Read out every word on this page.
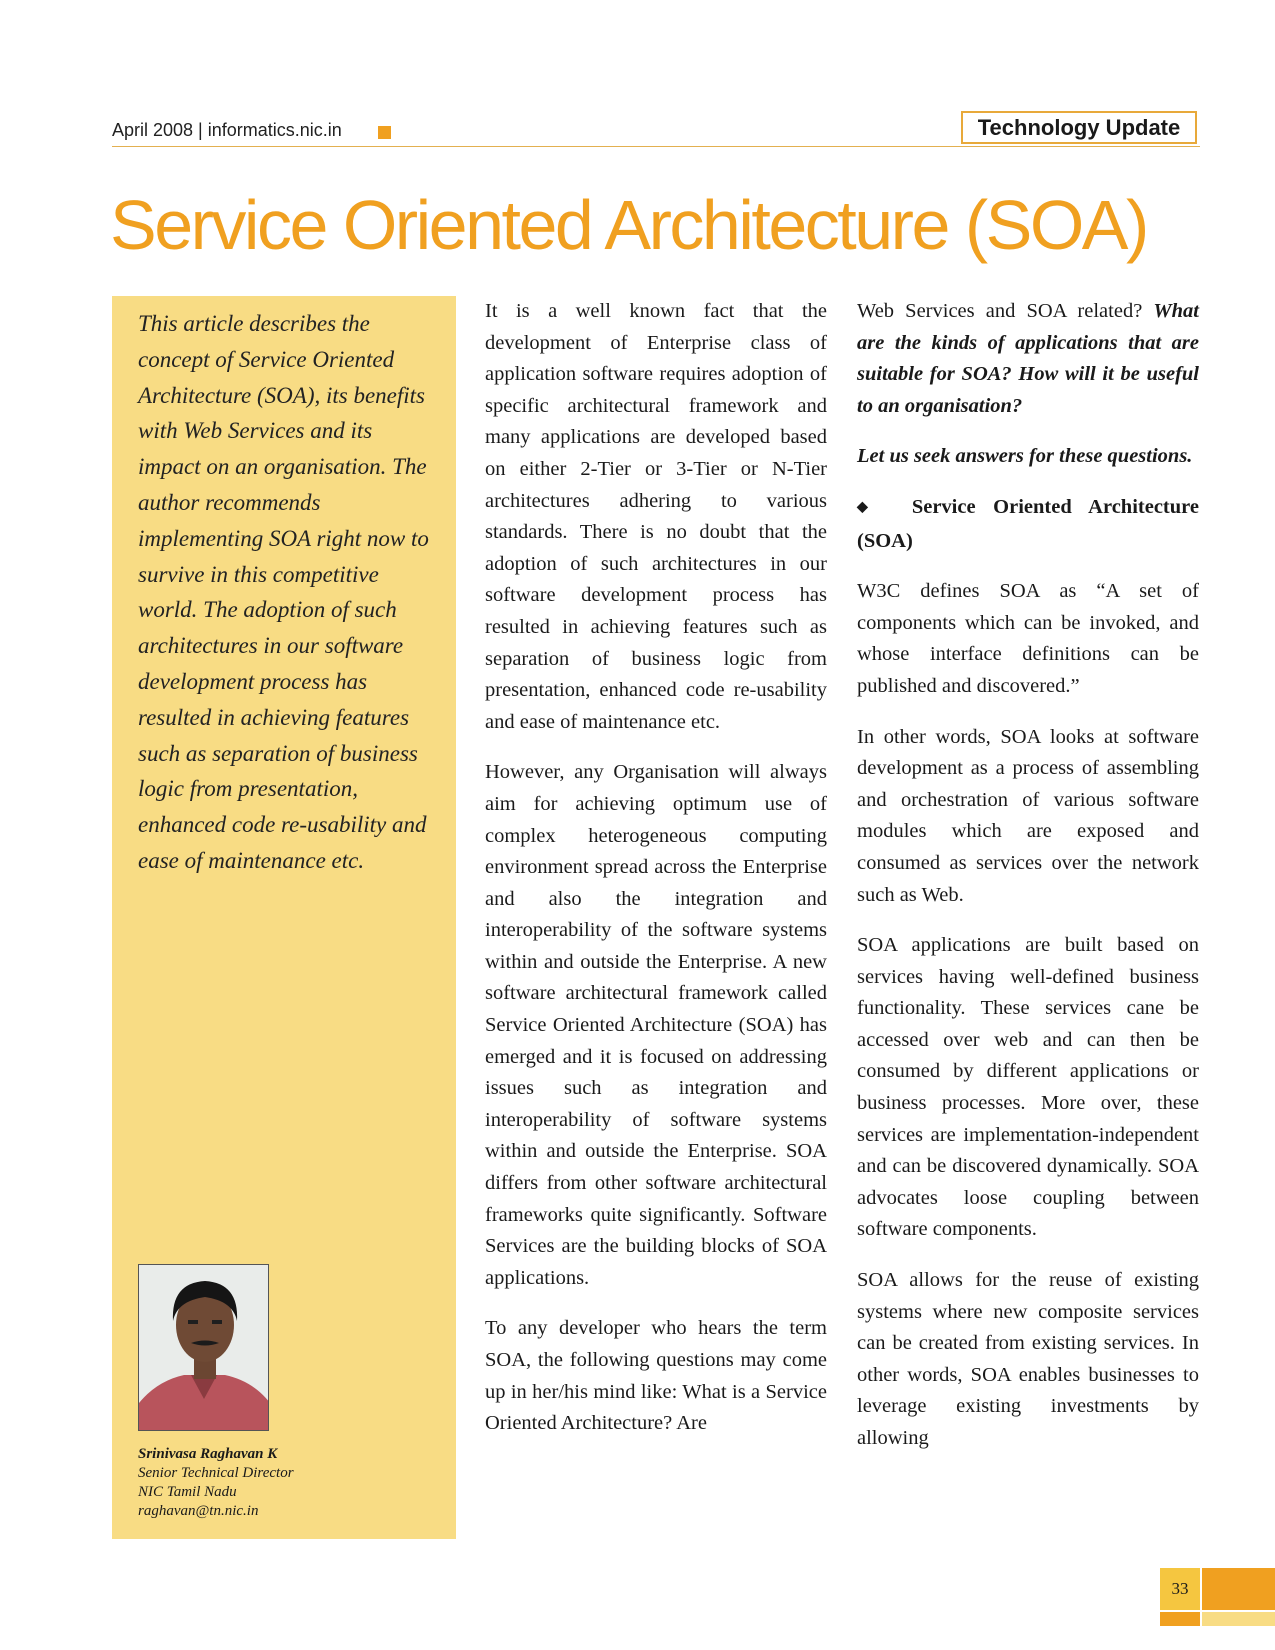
April 2008 | informatics.nic.in	Technology Update
Service Oriented Architecture (SOA)

This article describes the concept of Service Oriented Architecture (SOA), its benefits with Web Services and its impact on an organisation. The author recommends implementing SOA right now to survive in this competitive world. The adoption of such architectures in our software development process has resulted in achieving features such as separation of business logic from presentation, enhanced code re-usability and ease of maintenance etc.

Srinivasa Raghavan K
Senior Technical Director
NIC Tamil Nadu
raghavan@tn.nic.in

It is a well known fact that the development of Enterprise class of application software requires adoption of specific architectural framework and many applications are developed based on either 2-Tier or 3-Tier or N-Tier architectures adhering to various standards. There is no doubt that the adoption of such architectures in our software development process has resulted in achieving features such as separation of business logic from presentation, enhanced code re-usability and ease of maintenance etc.

However, any Organisation will always aim for achieving optimum use of complex heterogeneous computing environment spread across the Enterprise and also the integration and interoperability of the software systems within and outside the Enterprise. A new software architectural framework called Service Oriented Architecture (SOA) has emerged and it is focused on addressing issues such as integration and interoperability of software systems within and outside the Enterprise. SOA differs from other software architectural frameworks quite significantly. Software Services are the building blocks of SOA applications.

To any developer who hears the term SOA, the following questions may come up in her/his mind like: What is a Service Oriented Architecture? Are

Web Services and SOA related? What are the kinds of applications that are suitable for SOA? How will it be useful to an organisation?

Let us seek answers for these questions.

◆ Service Oriented Architecture (SOA)

W3C defines SOA as “A set of components which can be invoked, and whose interface definitions can be published and discovered.”

In other words, SOA looks at software development as a process of assembling and orchestration of various software modules which are exposed and consumed as services over the network such as Web.

SOA applications are built based on services having well-defined business functionality. These services cane be accessed over web and can then be consumed by different applications or business processes. More over, these services are implementation-independent and can be discovered dynamically. SOA advocates loose coupling between software components.

SOA allows for the reuse of existing systems where new composite services can be created from existing services. In other words, SOA enables businesses to leverage existing investments by allowing

33
